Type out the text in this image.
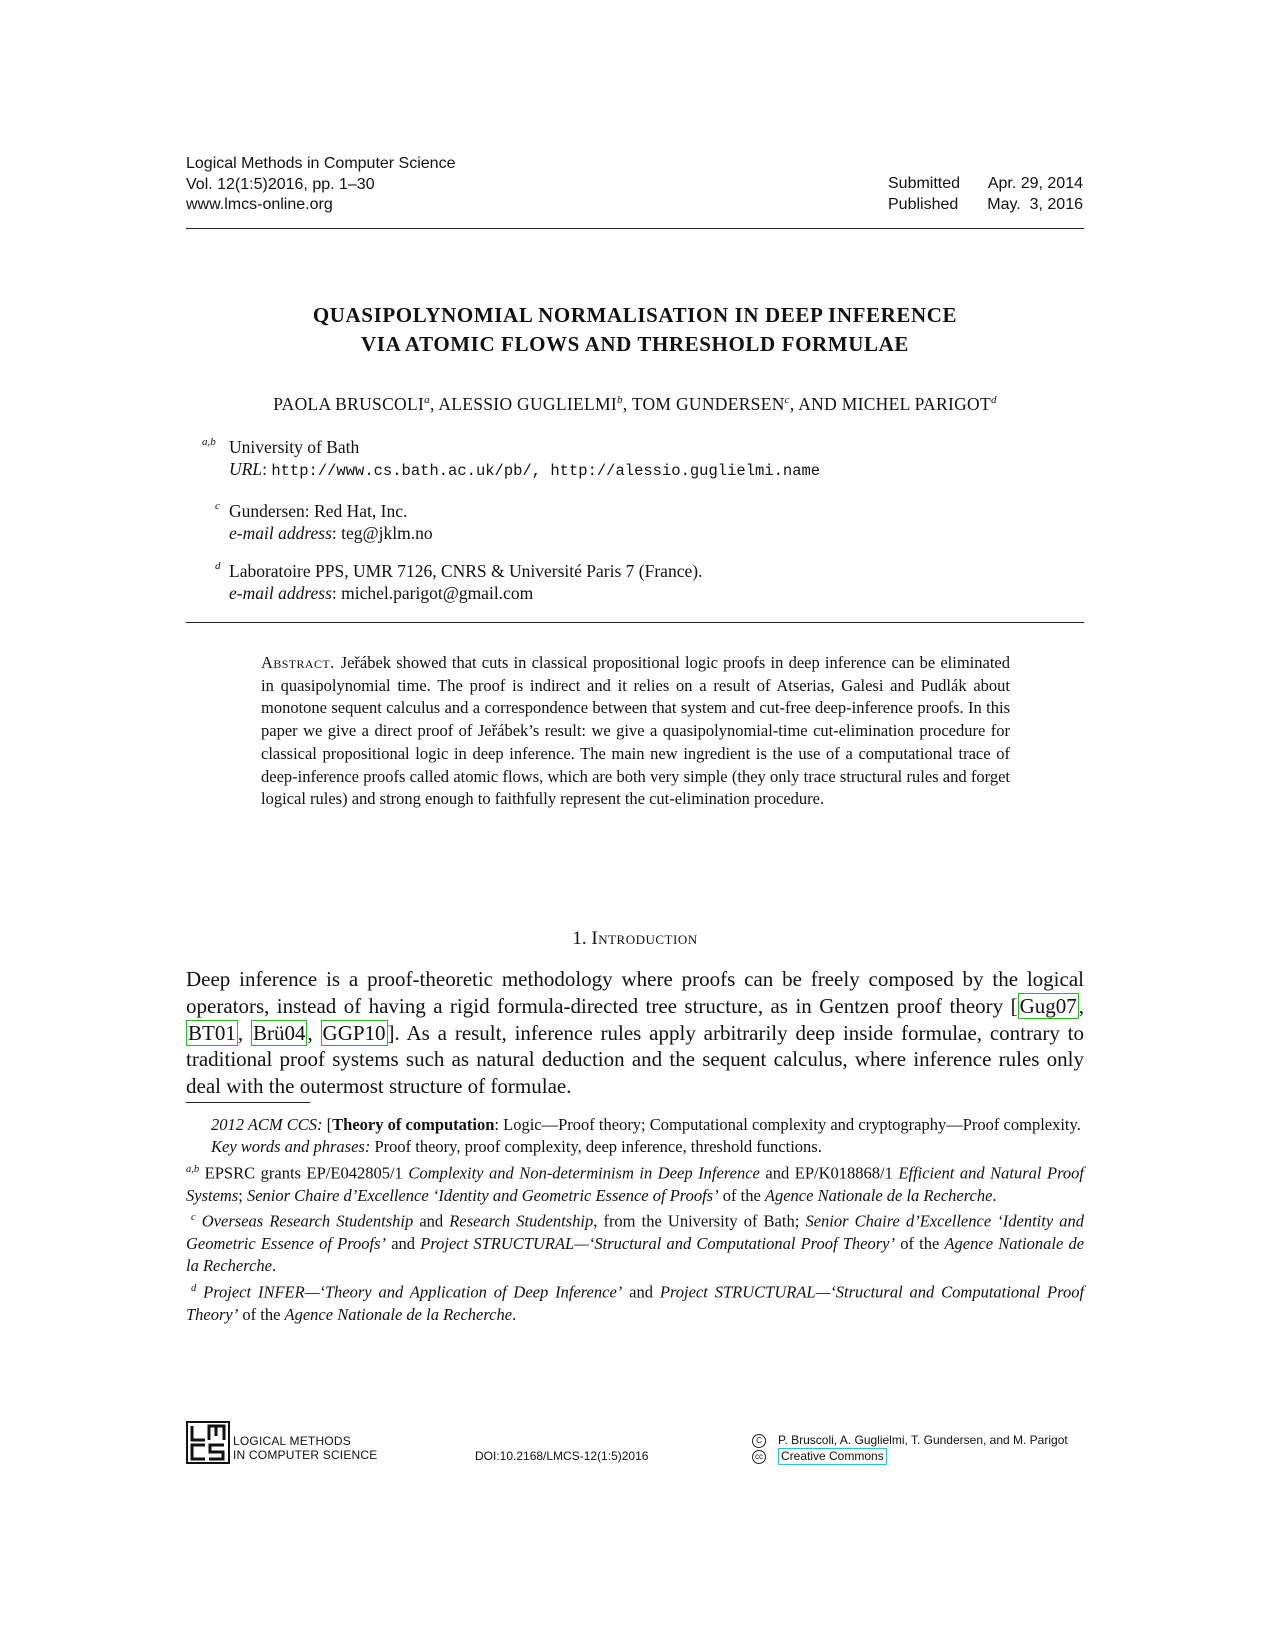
Logical Methods in Computer Science
Vol. 12(1:5)2016, pp. 1–30
www.lmcs-online.org
Submitted	Apr. 29, 2014
Published	May.  3, 2016
QUASIPOLYNOMIAL NORMALISATION IN DEEP INFERENCE
VIA ATOMIC FLOWS AND THRESHOLD FORMULAE
PAOLA BRUSCOLI$^a$, ALESSIO GUGLIELMI$^b$, TOM GUNDERSEN$^c$, AND MICHEL PARIGOT$^d$
a,b University of Bath
URL: http://www.cs.bath.ac.uk/pb/, http://alessio.guglielmi.name
c Gundersen: Red Hat, Inc.
e-mail address: teg@jklm.no
d Laboratoire PPS, UMR 7126, CNRS & Université Paris 7 (France).
e-mail address: michel.parigot@gmail.com
Abstract. Jeřábek showed that cuts in classical propositional logic proofs in deep inference can be eliminated in quasipolynomial time. The proof is indirect and it relies on a result of Atserias, Galesi and Pudlák about monotone sequent calculus and a correspondence between that system and cut-free deep-inference proofs. In this paper we give a direct proof of Jeřábek’s result: we give a quasipolynomial-time cut-elimination procedure for classical propositional logic in deep inference. The main new ingredient is the use of a computational trace of deep-inference proofs called atomic flows, which are both very simple (they only trace structural rules and forget logical rules) and strong enough to faithfully represent the cut-elimination procedure.
1. Introduction
Deep inference is a proof-theoretic methodology where proofs can be freely composed by the logical operators, instead of having a rigid formula-directed tree structure, as in Gentzen proof theory [Gug07, BT01, Brü04, GGP10]. As a result, inference rules apply arbitrarily deep inside formulae, contrary to traditional proof systems such as natural deduction and the sequent calculus, where inference rules only deal with the outermost structure of formulae.

2012 ACM CCS: [Theory of computation: Logic—Proof theory; Computational complexity and cryptography—Proof complexity.

Key words and phrases: Proof theory, proof complexity, deep inference, threshold functions.

$^{a,b}$ EPSRC grants EP/E042805/1 Complexity and Non-determinism in Deep Inference and EP/K018868/1 Efficient and Natural Proof Systems; Senior Chaire d’Excellence ‘Identity and Geometric Essence of Proofs’ of the Agence Nationale de la Recherche.

$^c$ Overseas Research Studentship and Research Studentship, from the University of Bath; Senior Chaire d’Excellence ‘Identity and Geometric Essence of Proofs’ and Project STRUCTURAL—‘Structural and Computational Proof Theory’ of the Agence Nationale de la Recherche.

$^d$ Project INFER—‘Theory and Application of Deep Inference’ and Project STRUCTURAL—‘Structural and Computational Proof Theory’ of the Agence Nationale de la Recherche.

LOGICAL METHODS
IN COMPUTER SCIENCE	DOI:10.2168/LMCS-12(1:5)2016
C	P. Bruscoli, A. Guglielmi, T. Gundersen, and M. Parigot
cc Creative Commons
